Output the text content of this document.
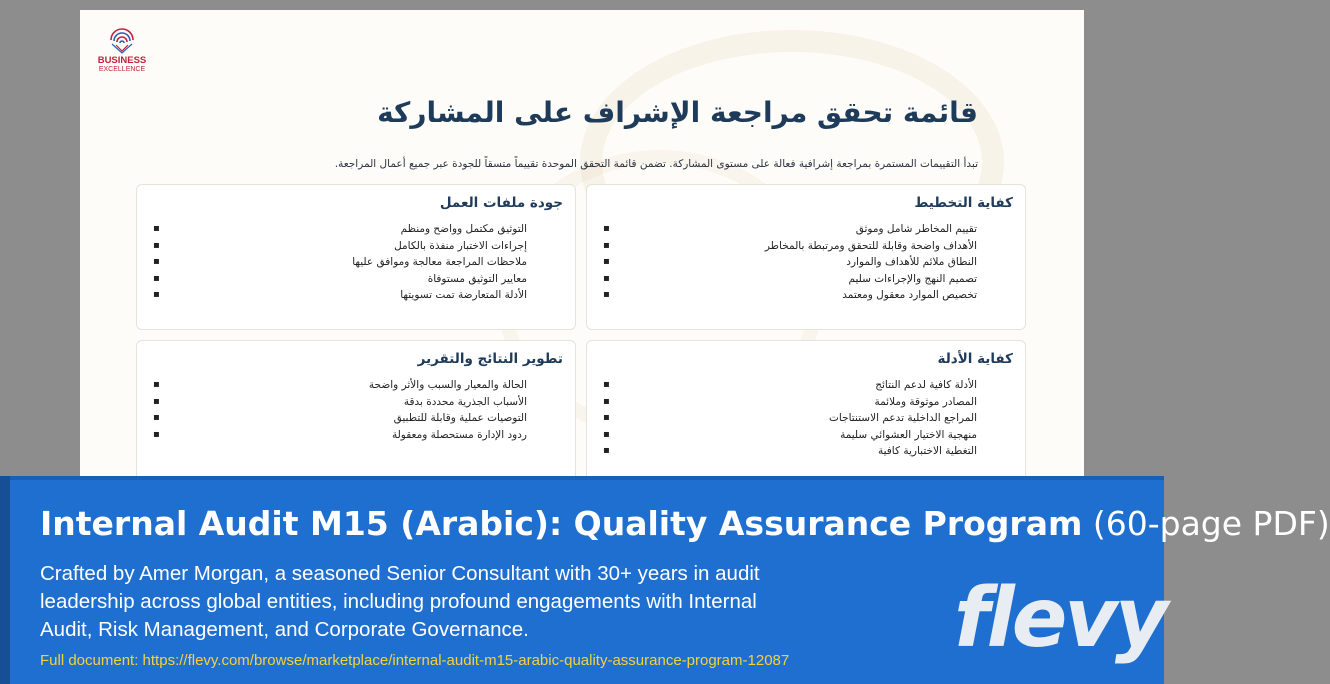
BUSINESS
EXCELLENCE
قائمة تحقق مراجعة الإشراف على المشاركة
تبدأ التقييمات المستمرة بمراجعة إشرافية فعالة على مستوى المشاركة. تضمن قائمة التحقق الموحدة تقييماً متسقاً للجودة عبر جميع أعمال المراجعة.
كفاية التخطيط
▪	تقييم المخاطر شامل وموثق
▪	الأهداف واضحة وقابلة للتحقق ومرتبطة بالمخاطر
▪	النطاق ملائم للأهداف والموارد
▪	تصميم النهج والإجراءات سليم
▪	تخصيص الموارد معقول ومعتمد
جودة ملفات العمل
▪	التوثيق مكتمل وواضح ومنظم
▪	إجراءات الاختبار منفذة بالكامل
▪	ملاحظات المراجعة معالجة وموافق عليها
▪	معايير التوثيق مستوفاة
▪	الأدلة المتعارضة تمت تسويتها
كفاية الأدلة
▪	الأدلة كافية لدعم النتائج
▪	المصادر موثوقة وملائمة
▪	المراجع الداخلية تدعم الاستنتاجات
▪	منهجية الاختيار العشوائي سليمة
▪	التغطية الاختبارية كافية
تطوير النتائج والتقرير
▪	الحالة والمعيار والسبب والأثر واضحة
▪	الأسباب الجذرية محددة بدقة
▪	التوصيات عملية وقابلة للتطبيق
▪	ردود الإدارة مستحصلة ومعقولة
Internal Audit M15 (Arabic): Quality Assurance Program (60-page PDF)
Crafted by Amer Morgan, a seasoned Senior Consultant with 30+ years in audit leadership across global entities, including profound engagements with Internal Audit, Risk Management, and Corporate Governance.
Full document: https://flevy.com/browse/marketplace/internal-audit-m15-arabic-quality-assurance-program-12087 flevy
